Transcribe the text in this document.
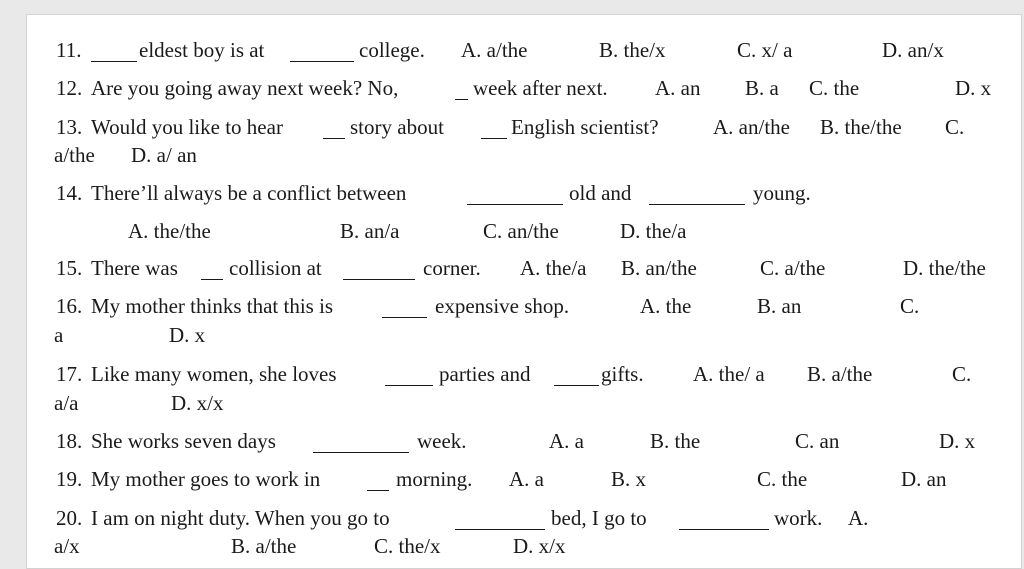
11.	eldest boy is at	college. A. a/the	B. the/x	C. x/ a	D. an/x
12. Are you going away next week? No,	week after next. A. an B. a C. the	D. x
13. Would you like to hear	story about	English scientist?	A. an/the B. the/the C.
a/the D. a/ an
14. There’ll always be a conflict between	old and	young.
A. the/the	B. an/a	C. an/the	D. the/a
15. There was collision at	corner. A. the/a B. an/the	C. a/the	D. the/the
16. My mother thinks that this is	expensive shop.	A. the	B. an	C.
a	D. x
17. Like many women, she loves	parties and	gifts. A. the/ a B. a/the	C.
a/a	D. x/x
18. She works seven days	week.	A. a	B. the	C. an	D. x
19. My mother goes to work in	morning. A. a	B. x	C. the	D. an
20. I am on night duty. When you go to	bed, I go to	work. A.
a/x	B. a/the	C. the/x	D. x/x
